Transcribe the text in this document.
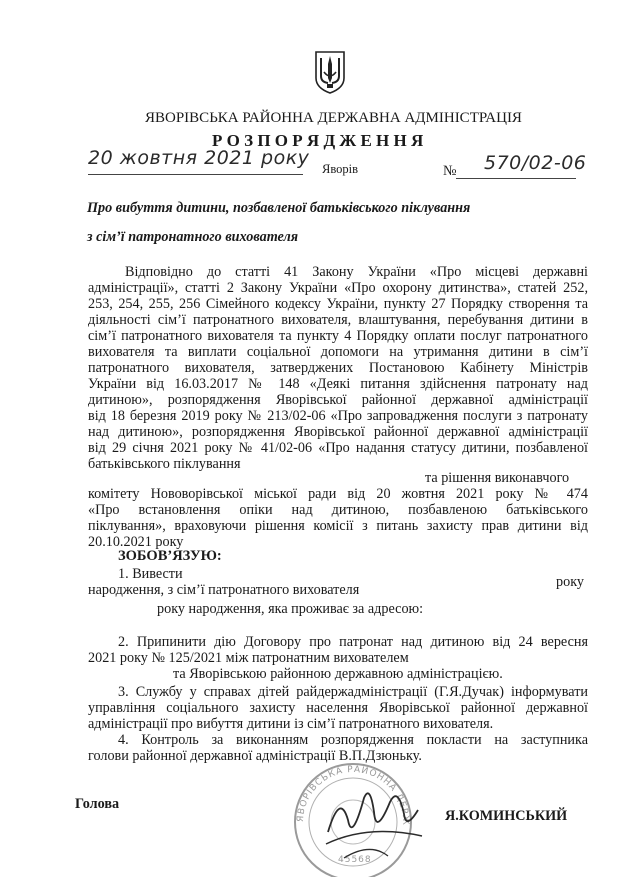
ЯВОРІВСЬКА РАЙОННА ДЕРЖАВНА АДМІНІСТРАЦІЯ
Р О З П О Р Я Д Ж Е Н Н Я
20 жовтня 2021 року Яворів	№ 570/02-06
Про вибуття дитини, позбавленої батьківського піклування
з сім’ї патронатного вихователя
Відповідно до статті 41 Закону України «Про місцеві державні
адміністрації», статті 2 Закону України «Про охорону дитинства», статей 252,
253, 254, 255, 256 Сімейного кодексу України, пункту 27 Порядку створення та
діяльності сім’ї патронатного вихователя, влаштування, перебування дитини в
сім’ї патронатного вихователя та пункту 4 Порядку оплати послуг патронатного
вихователя та виплати соціальної допомоги на утримання дитини в сім’ї
патронатного вихователя, затверджених Постановою Кабінету Міністрів
України від 16.03.2017 № 148 «Деякі питання здійснення патронату над
дитиною», розпорядження Яворівської районної державної адміністрації
від 18 березня 2019 року № 213/02-06 «Про запровадження послуги з патронату
над дитиною», розпорядження Яворівської районної державної адміністрації
від 29 січня 2021 року № 41/02-06 «Про надання статусу дитини, позбавленої
батьківського піклування
та рішення виконавчого
комітету Нововорівської міської ради від 20 жовтня 2021 року № 474
«Про встановлення опіки над дитиною, позбавленою батьківського
піклування», враховуючи рішення комісії з питань захисту прав дитини від
20.10.2021 року
ЗОБОВ’ЯЗУЮ:
1. Вивести	року
народження, з сім’ї патронатного вихователя
року народження, яка проживає за адресою:
2. Припинити дію Договору про патронат над дитиною від 24 вересня
2021 року № 125/2021 між патронатним вихователем
та Яворівською районною державною адміністрацією.
3. Службу у справах дітей райдержадміністрації (Г.Я.Дучак) інформувати
управління соціального захисту населення Яворівської районної державної
адміністрації про вибуття дитини із сім’ї патронатного вихователя.
4. Контроль за виконанням розпорядження покласти на заступника
голови районної державної адміністрації В.П.Дзюньку.
ЯВОРІВСЬКА РАЙОННА ДЕРЖ
45568
Голова
Я.КОМИНСЬКИЙ
